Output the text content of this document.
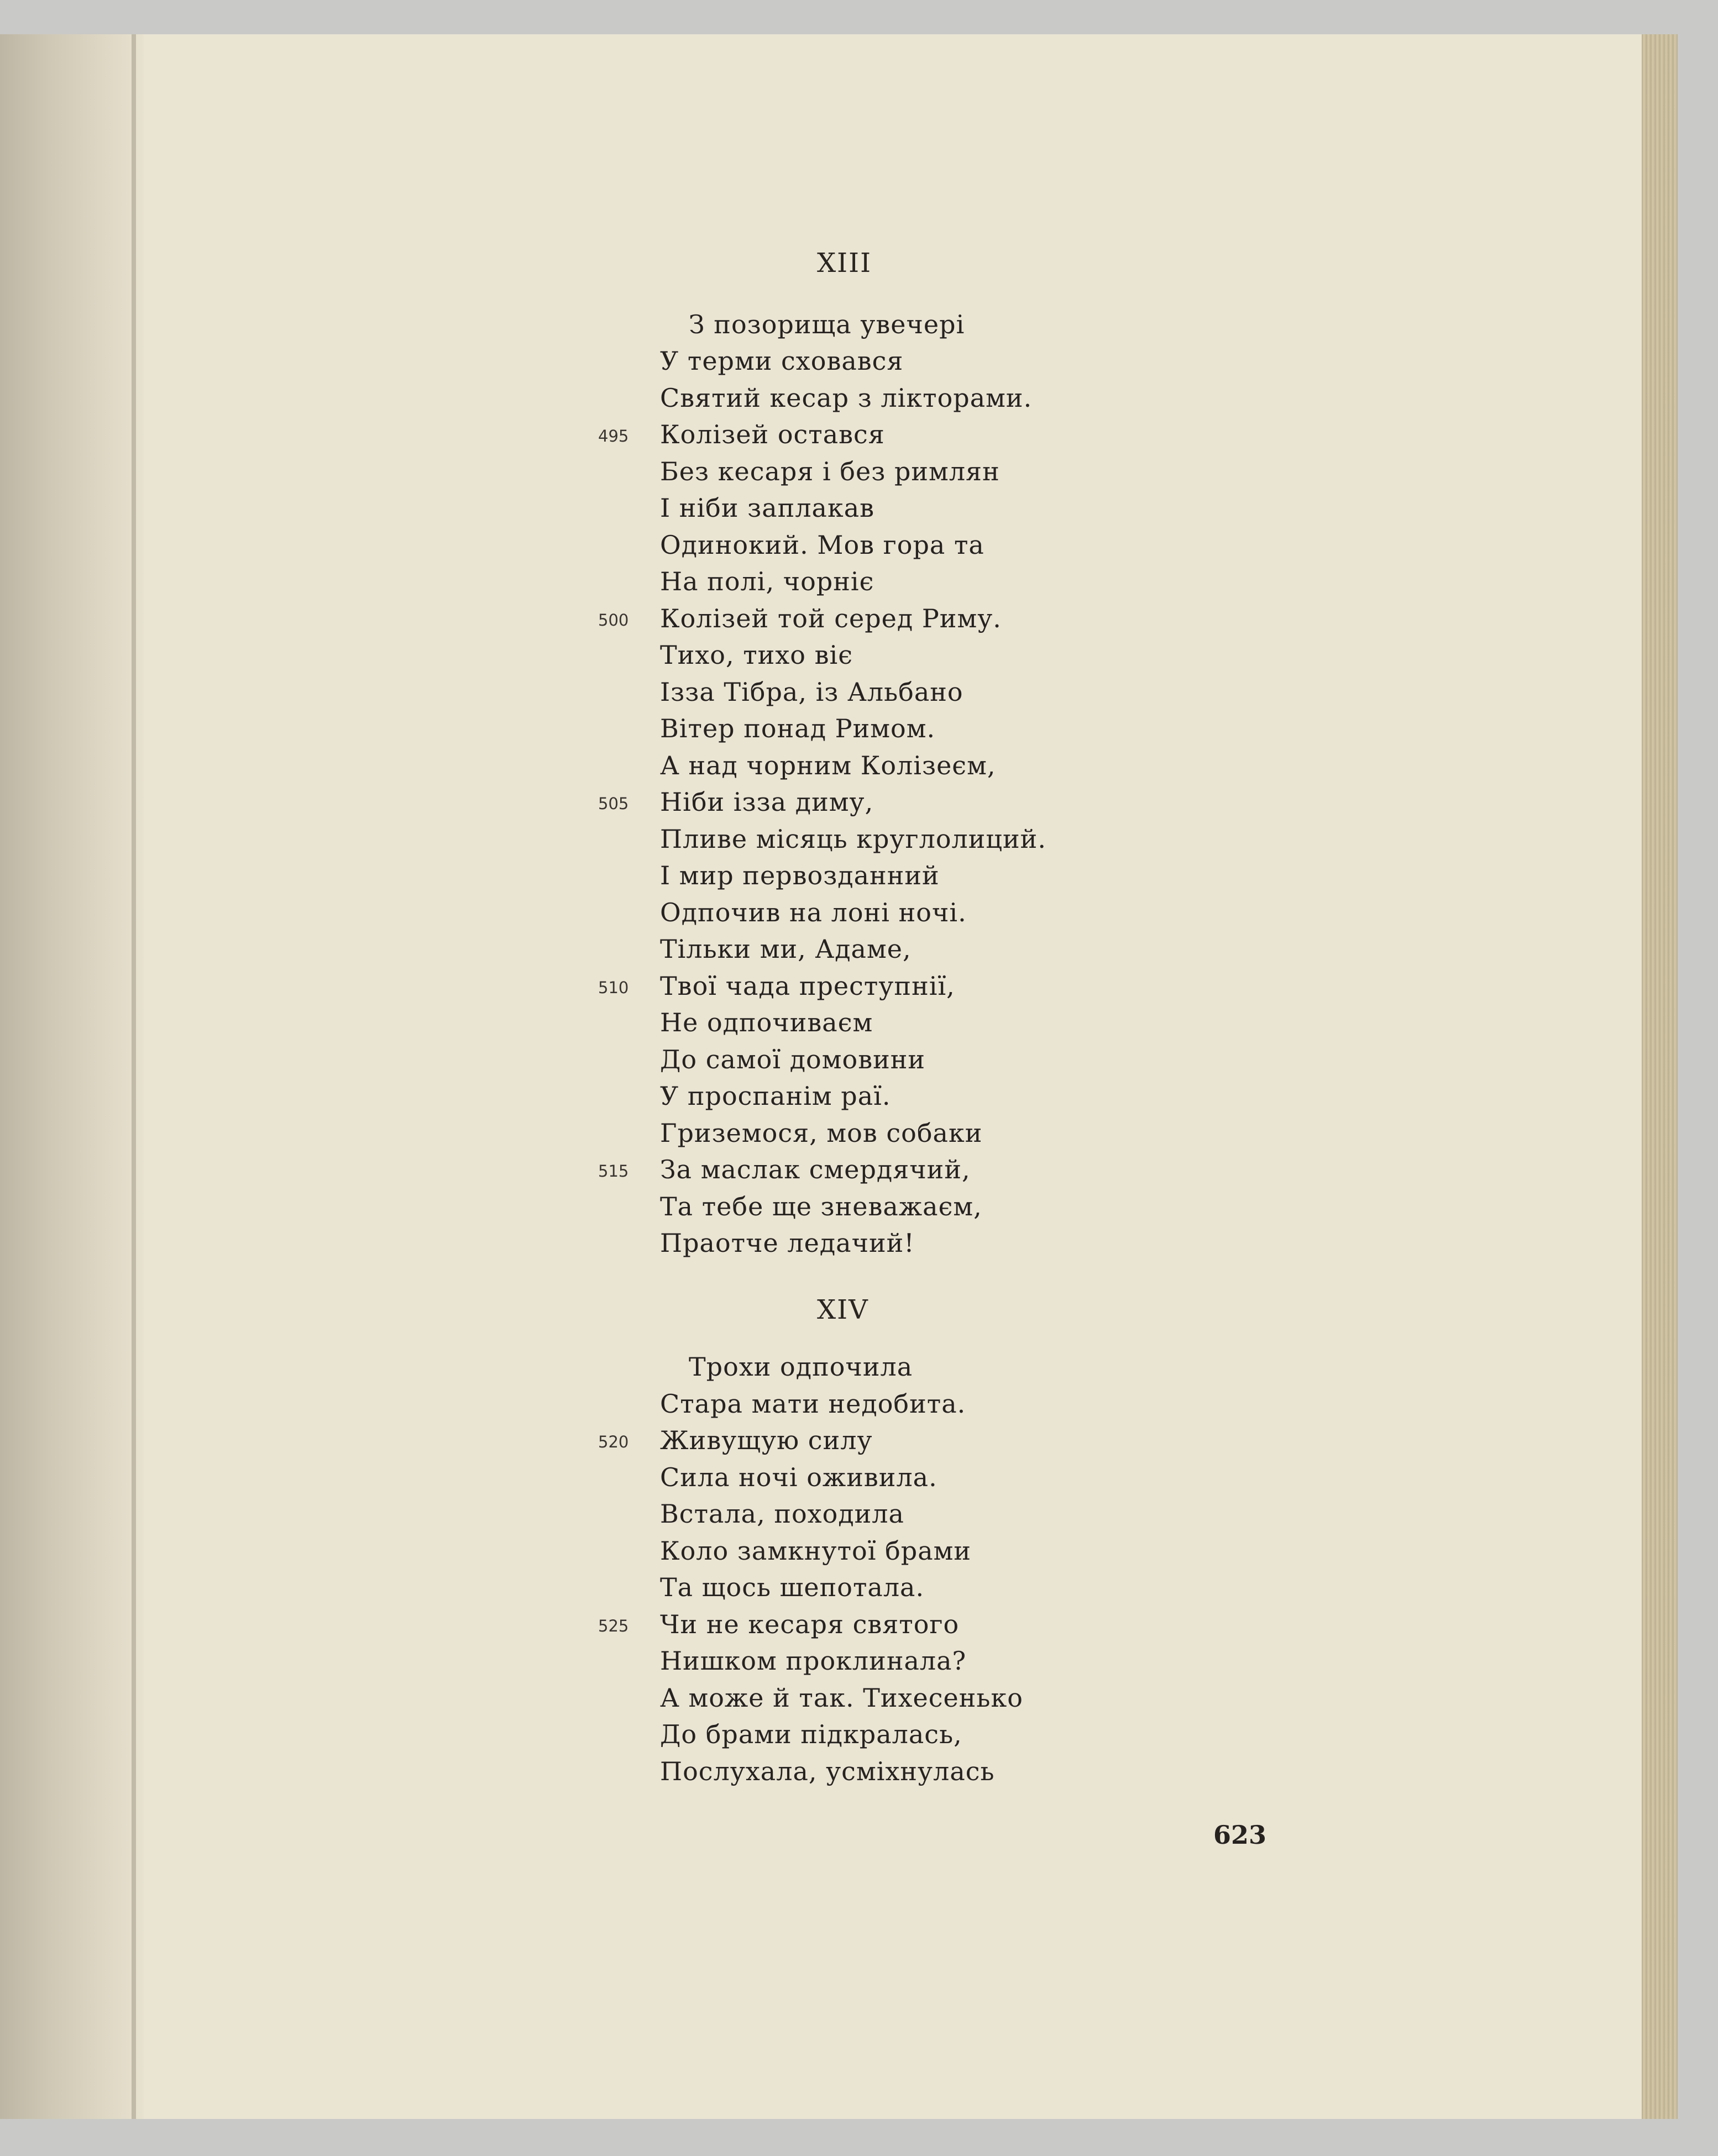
XIII
З позорища увечері
У терми сховався
Святий кесар з лікторами.
Колізей остався
Без кесаря і без римлян
І ніби заплакав
Одинокий. Мов гора та
На полі, чорніє
Колізей той серед Риму.
Тихо, тихо віє
Ізза Тібра, із Альбано
Вітер понад Римом.
А над чорним Колізеєм,
Ніби ізза диму,
Пливе місяць круглолиций.
І мир первозданний
Одпочив на лоні ночі.
Тільки ми, Адаме,
Твої чада преступнії,
Не одпочиваєм
До самої домовини
У проспанім раї.
Гриземося, мов собаки
За маслак смердячий,
Та тебе ще зневажаєм,
Праотче ледачий!
495
500
505
510
515
XIV
Трохи одпочила
Стара мати недобита.
Живущую силу
Сила ночі оживила.
Встала, походила
Коло замкнутої брами
Та щось шепотала.
Чи не кесаря святого
Нишком проклинала?
А може й так. Тихесенько
До брами підкралась,
Послухала, усміхнулась
520
525
623
